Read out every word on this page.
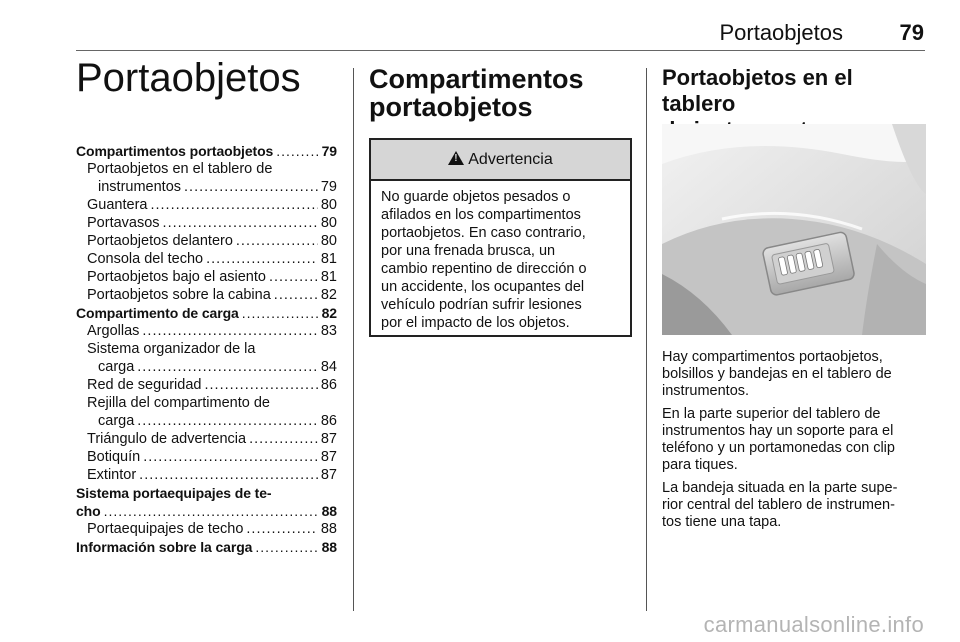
Portaobjetos	79
Portaobjetos
Compartimentos portaobjetos .....	79
Portaobjetos en el tablero de
instrumentos .....	79
Guantera .....	80
Portavasos .....	80
Portaobjetos delantero .....	80
Consola del techo .....	81
Portaobjetos bajo el asiento .....	81
Portaobjetos sobre la cabina .....	82
Compartimento de carga .....	82
Argollas .....	83
Sistema organizador de la
carga .....	84
Red de seguridad .....	86
Rejilla del compartimento de
carga .....	86
Triángulo de advertencia .....	87
Botiquín .....	87
Extintor .....	87
Sistema portaequipajes de te-
cho .....	88
Portaequipajes de techo .....	88
Información sobre la carga .....	88
Compartimentos
portaobjetos
!
Advertencia
No guarde objetos pesados o
afilados en los compartimentos
portaobjetos. En caso contrario,
por una frenada brusca, un
cambio repentino de dirección o
un accidente, los ocupantes del
vehículo podrían sufrir lesiones
por el impacto de los objetos.
Portaobjetos en el tablero

Hay compartimentos portaobjetos,
bolsillos y bandejas en el tablero de
instrumentos.

En la parte superior del tablero de
instrumentos hay un soporte para el
teléfono y un portamonedas con clip
para tiques.

La bandeja situada en la parte supe-
rior central del tablero de instrumen-
tos tiene una tapa.

carmanualsonline.info
